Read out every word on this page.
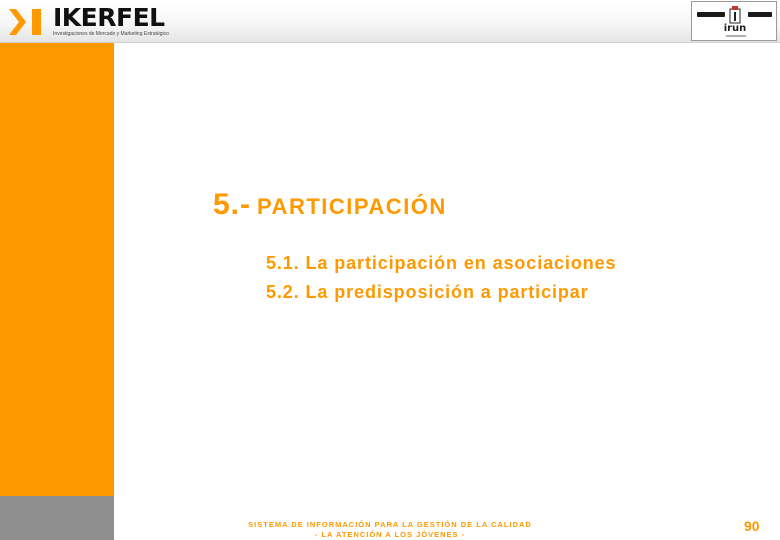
IKERFEL
Investigaciones de Mercado y Marketing Estratégico	irun
5.- PARTICIPACIÓN
5.1. La participación en asociaciones
5.2. La predisposición a participar
SISTEMA DE INFORMACIÓN PARA LA GESTIÓN DE LA CALIDAD
- LA ATENCIÓN A LOS JÓVENES -
90
